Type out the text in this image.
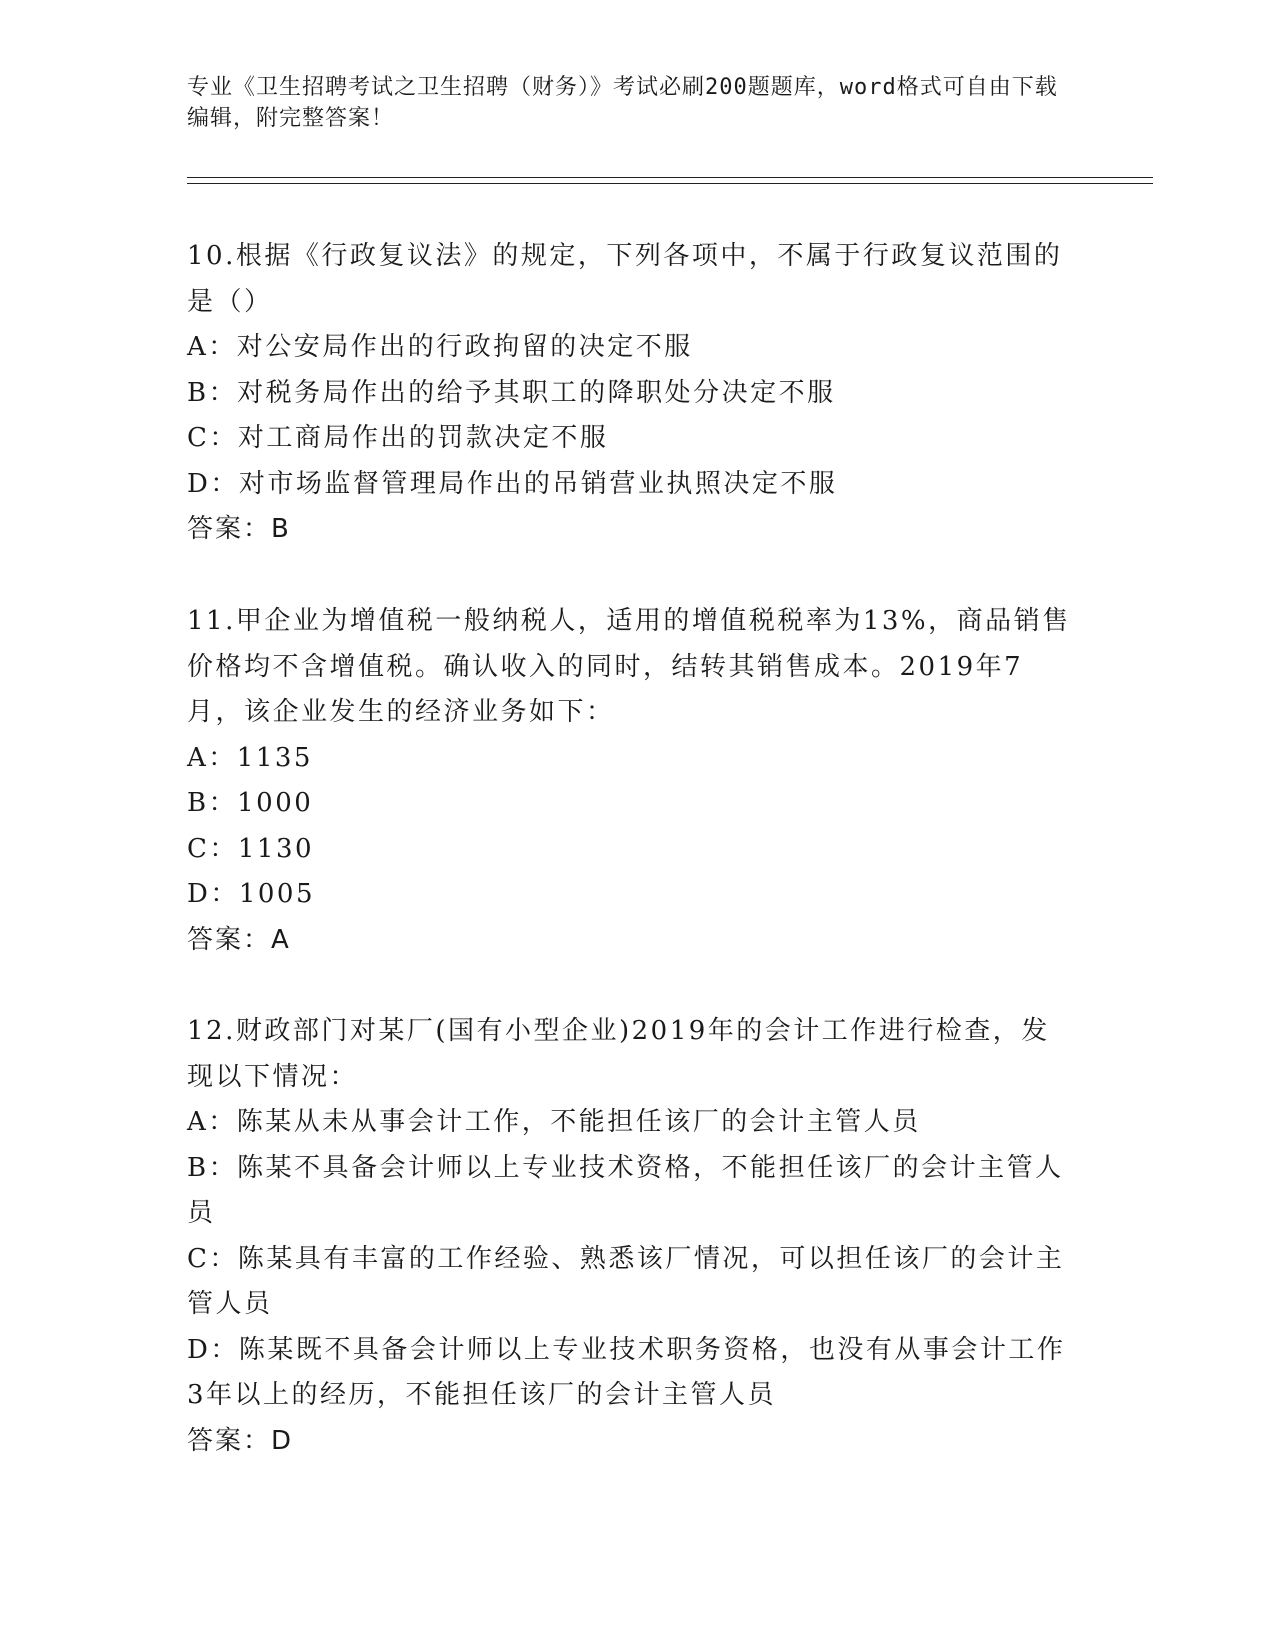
专业《卫生招聘考试之卫生招聘（财务）》考试必刷200题题库，word格式可自由下载编辑，附完整答案！

10.根据《行政复议法》的规定，下列各项中，不属于行政复议范围的是（）

A：对公安局作出的行政拘留的决定不服

B：对税务局作出的给予其职工的降职处分决定不服

C：对工商局作出的罚款决定不服

D：对市场监督管理局作出的吊销营业执照决定不服

答案：B

11.甲企业为增值税一般纳税人，适用的增值税税率为13%，商品销售价格均不含增值税。确认收入的同时，结转其销售成本。2019年7月，该企业发生的经济业务如下：

A：1135

B：1000

C：1130

D：1005

答案：A

12.财政部门对某厂(国有小型企业)2019年的会计工作进行检查，发现以下情况：

A：陈某从未从事会计工作，不能担任该厂的会计主管人员

B：陈某不具备会计师以上专业技术资格，不能担任该厂的会计主管人员

C：陈某具有丰富的工作经验、熟悉该厂情况，可以担任该厂的会计主管人员

D：陈某既不具备会计师以上专业技术职务资格，也没有从事会计工作3年以上的经历，不能担任该厂的会计主管人员

答案：D
